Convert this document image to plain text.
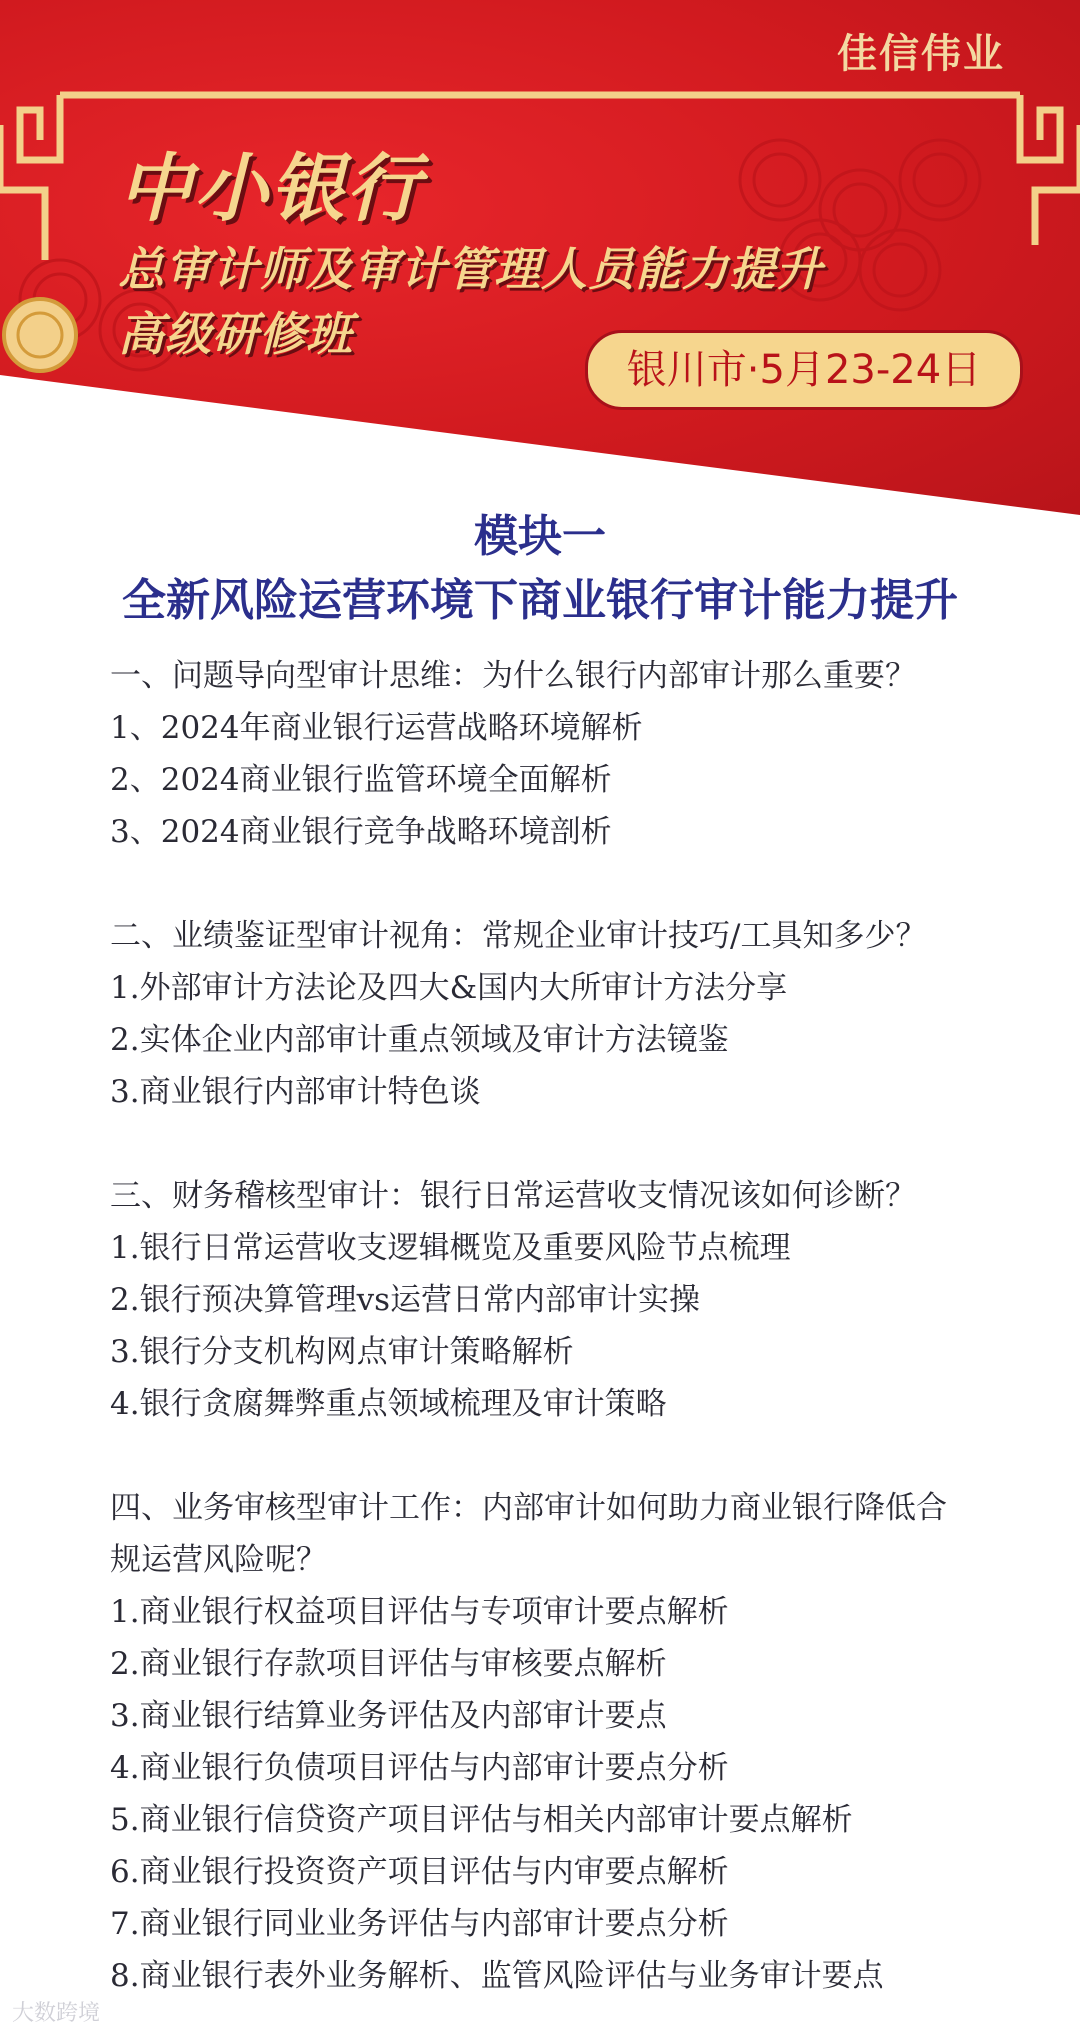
佳信伟业
中小银行
总审计师及审计管理人员能力提升
高级研修班
银川市·5月23-24日
模块一
全新风险运营环境下商业银行审计能力提升

一、问题导向型审计思维：为什么银行内部审计那么重要？

1、2024年商业银行运营战略环境解析

2、2024商业银行监管环境全面解析

3、2024商业银行竞争战略环境剖析

二、业绩鉴证型审计视角：常规企业审计技巧/工具知多少？

1.外部审计方法论及四大&国内大所审计方法分享

2.实体企业内部审计重点领域及审计方法镜鉴

3.商业银行内部审计特色谈

三、财务稽核型审计：银行日常运营收支情况该如何诊断？

1.银行日常运营收支逻辑概览及重要风险节点梳理

2.银行预决算管理vs运营日常内部审计实操

3.银行分支机构网点审计策略解析

4.银行贪腐舞弊重点领域梳理及审计策略

四、业务审核型审计工作：内部审计如何助力商业银行降低合

规运营风险呢？

1.商业银行权益项目评估与专项审计要点解析

2.商业银行存款项目评估与审核要点解析

3.商业银行结算业务评估及内部审计要点

4.商业银行负债项目评估与内部审计要点分析

5.商业银行信贷资产项目评估与相关内部审计要点解析

6.商业银行投资资产项目评估与内审要点解析

7.商业银行同业业务评估与内部审计要点分析

8.商业银行表外业务解析、监管风险评估与业务审计要点

大数跨境
